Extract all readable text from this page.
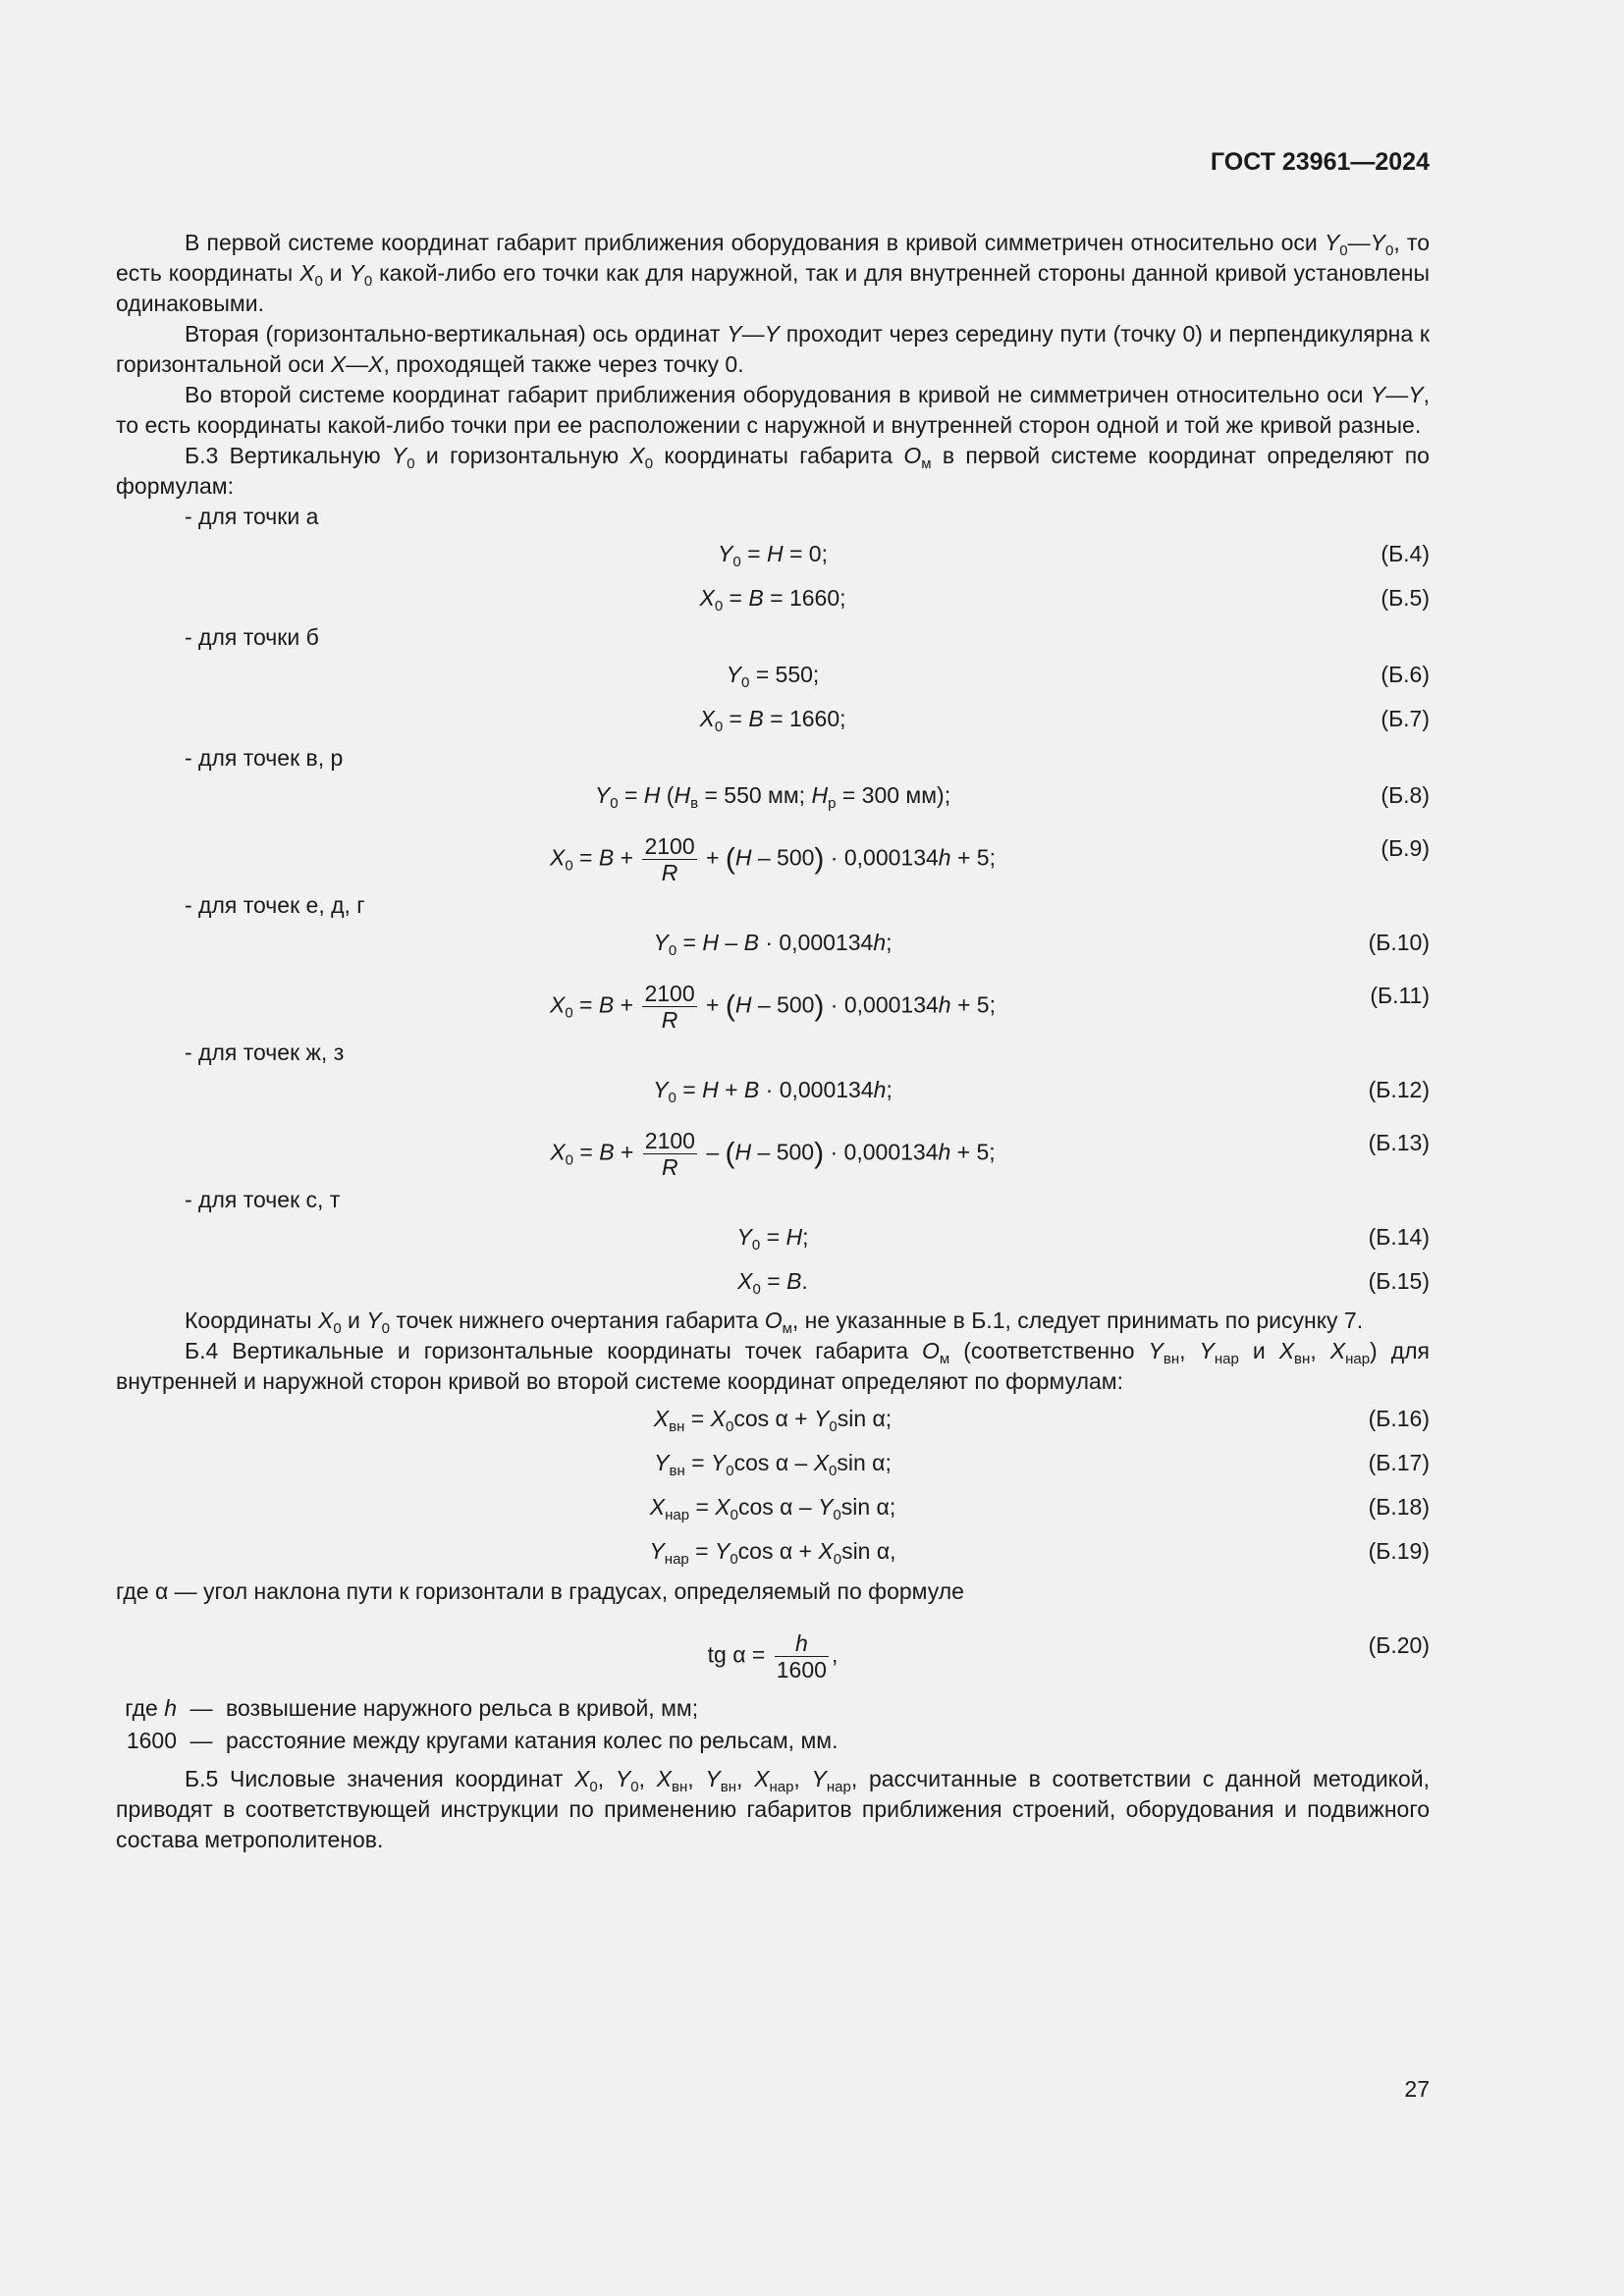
ГОСТ 23961—2024

В первой системе координат габарит приближения оборудования в кривой симметричен относительно оси $Y_0—Y_0$, то есть координаты $X_0$ и $Y_0$ какой-либо его точки как для наружной, так и для внутренней стороны данной кривой установлены одинаковыми.

Вторая (горизонтально-вертикальная) ось ординат Y—Y проходит через середину пути (точку 0) и перпендикулярна к горизонтальной оси X—X, проходящей также через точку 0.

Во второй системе координат габарит приближения оборудования в кривой не симметричен относительно оси Y—Y, то есть координаты какой-либо точки при ее расположении с наружной и внутренней сторон одной и той же кривой разные.

Б.3 Вертикальную $Y_0$ и горизонтальную $X_0$ координаты габарита $O_м$ в первой системе координат определяют по формулам:

- для точки а

$Y_0 = H = 0$;	(Б.4)
$X_0 = B = 1660$;	(Б.5)

- для точки б

$Y_0 = 550$;	(Б.6)
$X_0 = B = 1660$;	(Б.7)

- для точек в, р

$Y_0 = H$ ($H_в = 550$ мм; $H_р = 300$ мм);	(Б.8)
$X_0 = B + \frac{2100}{R} + (H - 500) \cdot 0,000134h + 5$;	(Б.9)

- для точек е, д, г

$Y_0 = H - B \cdot 0,000134h$;	(Б.10)
$X_0 = B + \frac{2100}{R} + (H - 500) \cdot 0,000134h + 5$;	(Б.11)

- для точек ж, з

$Y_0 = H + B \cdot 0,000134h$;	(Б.12)
$X_0 = B + \frac{2100}{R} - (H - 500) \cdot 0,000134h + 5$;	(Б.13)

- для точек с, т

$Y_0 = H$;	(Б.14)
$X_0 = B$.	(Б.15)

Координаты $X_0$ и $Y_0$ точек нижнего очертания габарита $O_м$, не указанные в Б.1, следует принимать по рисунку 7.

Б.4 Вертикальные и горизонтальные координаты точек габарита $O_м$ (соответственно $Y_{вн}$, $Y_{нар}$ и $X_{вн}$, $X_{нар}$) для внутренней и наружной сторон кривой во второй системе координат определяют по формулам:

$X_{вн} = X_0\cos$ $\alpha + Y_0\sin$ α;	(Б.16)
$Y_{вн} = Y_0\cos$ α – $X_0\sin$ α;	(Б.17)
$X_{нар} = X_0\cos$ α – $Y_0\sin$ α;	(Б.18)
$Y_{нар} = Y_0\cos$ $\alpha + X_0\sin$ α,	(Б.19)

где α — угол наклона пути к горизонтали в градусах, определяемый по формуле

tg $\alpha = \frac{h}{1600}$ ,	(Б.20)
где h — возвышение наружного рельса в кривой, мм;
1600 — расстояние между кругами катания колес по рельсам, мм.

Б.5 Числовые значения координат $X_0$, $Y_0$, $X_{вн}$, $Y_{вн}$, $X_{нар}$, $Y_{нар}$, рассчитанные в соответствии с данной методикой, приводят в соответствующей инструкции по применению габаритов приближения строений, оборудования и подвижного состава метрополитенов.

27
